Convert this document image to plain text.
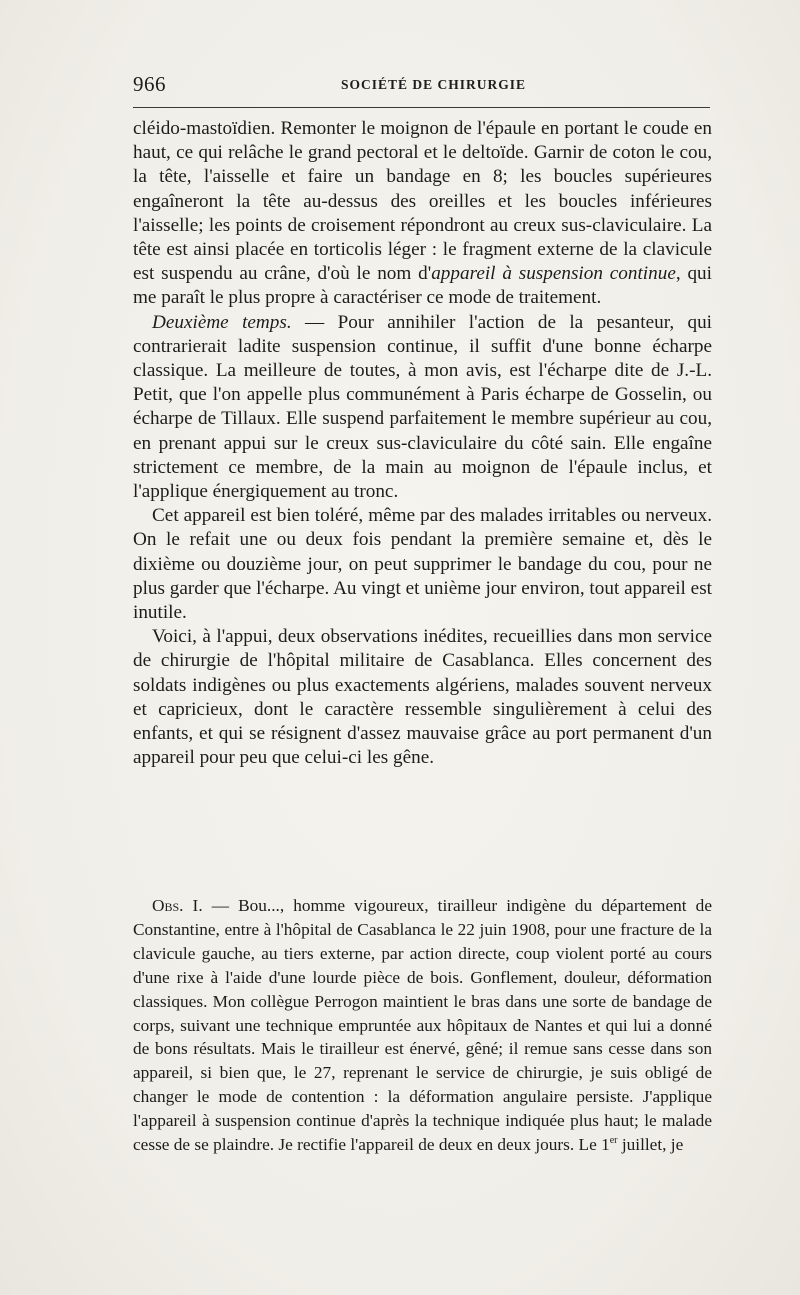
966	SOCIÉTÉ DE CHIRURGIE

cléido-mastoïdien. Remonter le moignon de l'épaule en portant le coude en haut, ce qui relâche le grand pectoral et le deltoïde. Garnir de coton le cou, la tête, l'aisselle et faire un bandage en 8; les boucles supérieures engaîneront la tête au-dessus des oreilles et les boucles inférieures l'aisselle; les points de croisement répondront au creux sus-claviculaire. La tête est ainsi placée en torticolis léger : le fragment externe de la clavicule est suspendu au crâne, d'où le nom d'appareil à suspension continue, qui me paraît le plus propre à caractériser ce mode de traitement.

Deuxième temps. — Pour annihiler l'action de la pesanteur, qui contrarierait ladite suspension continue, il suffit d'une bonne écharpe classique. La meilleure de toutes, à mon avis, est l'écharpe dite de J.-L. Petit, que l'on appelle plus communément à Paris écharpe de Gosselin, ou écharpe de Tillaux. Elle suspend parfaitement le membre supérieur au cou, en prenant appui sur le creux sus-claviculaire du côté sain. Elle engaîne strictement ce membre, de la main au moignon de l'épaule inclus, et l'applique énergiquement au tronc.

Cet appareil est bien toléré, même par des malades irritables ou nerveux. On le refait une ou deux fois pendant la première semaine et, dès le dixième ou douzième jour, on peut supprimer le bandage du cou, pour ne plus garder que l'écharpe. Au vingt et unième jour environ, tout appareil est inutile.

Voici, à l'appui, deux observations inédites, recueillies dans mon service de chirurgie de l'hôpital militaire de Casablanca. Elles concernent des soldats indigènes ou plus exactements algériens, malades souvent nerveux et capricieux, dont le caractère ressemble singulièrement à celui des enfants, et qui se résignent d'assez mauvaise grâce au port permanent d'un appareil pour peu que celui-ci les gêne.

Obs. I. — Bou..., homme vigoureux, tirailleur indigène du département de Constantine, entre à l'hôpital de Casablanca le 22 juin 1908, pour une fracture de la clavicule gauche, au tiers externe, par action directe, coup violent porté au cours d'une rixe à l'aide d'une lourde pièce de bois. Gonflement, douleur, déformation classiques. Mon collègue Perrogon maintient le bras dans une sorte de bandage de corps, suivant une technique empruntée aux hôpitaux de Nantes et qui lui a donné de bons résultats. Mais le tirailleur est énervé, gêné; il remue sans cesse dans son appareil, si bien que, le 27, reprenant le service de chirurgie, je suis obligé de changer le mode de contention : la déformation angulaire persiste. J'applique l'appareil à suspension continue d'après la technique indiquée plus haut; le malade cesse de se plaindre. Je rectifie l'appareil de deux en deux jours. Le 1er juillet, je
